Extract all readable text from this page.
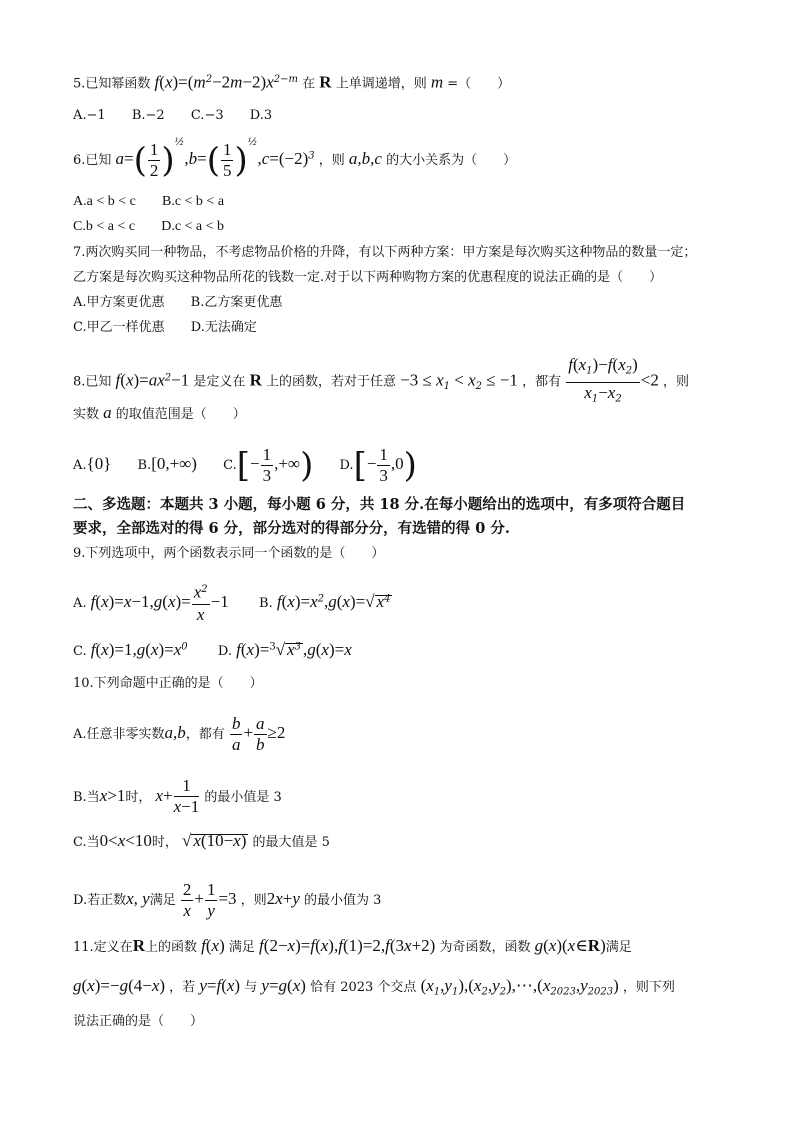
5.已知幂函数 $f(x)=(m^2-2m-2)x^{2-m}$ 在 R 上单调递增，则 m =（　　）
A.−1 B.−2 C.−3 D.3
6.已知 $a=( \frac{1}{2} )^{\frac{1}{2}},b=( \frac{1}{5} )^{\frac{1}{2}},c=(-2)^3$ ，则 a,b,c 的大小关系为（　　）
A.a < b < c B.c < b < a
C.b < a < c D.c < a < b
7.两次购买同一种物品，不考虑物品价格的升降，有以下两种方案：甲方案是每次购买这种物品的数量一定；
乙方案是每次购买这种物品所花的钱数一定.对于以下两种购物方案的优惠程度的说法正确的是（　　）
A.甲方案更优惠 B.乙方案更优惠
C.甲乙一样优惠 D.无法确定
8.已知 $f(x)=ax^2-1$ 是定义在 R 上的函数，若对于任意 $-3 \le x_1 < x_2 \le -1$ ，都有 $\frac{f(x_1)-f(x_2)}{x_1-x_2} <2$ ，则
实数 a 的取值范围是（　　）
A.{0} B.[0,+∞) $C.[- \frac{1}{3}$ ,+∞) $D.[- \frac{1}{3} ,0)$
二、多选题：本题共 3 小题，每小题 6 分，共 18 分.在每小题给出的选项中，有多项符合题目
要求，全部选对的得 6 分，部分选对的得部分分，有选错的得 0 分.
9.下列选项中，两个函数表示同一个函数的是（　　）
A. $f(x)=x-1,g(x)= \frac{x^2}{x} -1$ B. $f(x)=x^2,g(x)=√$ $x^4$
C. $f(x)=1,g(x)=x^0$ D. f(x)=$^3$√ $x^3$ ,g(x)=x
10.下列命题中正确的是（　　）
A.任意非零实数a,b，都有 $\frac{b}{a} + \frac{a}{b} \ge 2$
B.当x>1时， $x+ \frac{1}{x-1}$ 的最小值是 3
C.当0<x<10时， √ x(10−x) 的最大值是 5
D.若正数x, y满足 $\frac{2}{x} + \frac{1}{y} =3$ ，则2x+y 的最小值为 3
11.定义在R上的函数 f(x) 满足 f(2−x)=f(x),f(1)=2,f(3x+2) 为奇函数，函数 g(x)(x∈R)满足
g(x)=−g(4−x) ，若 y=f(x) 与 y=g(x) 恰有 2023 个交点 $(x_1,y_1),(x_2,y_2),\cdots,(x_{2023},y_{2023})$ ，则下列
说法正确的是（　　）
